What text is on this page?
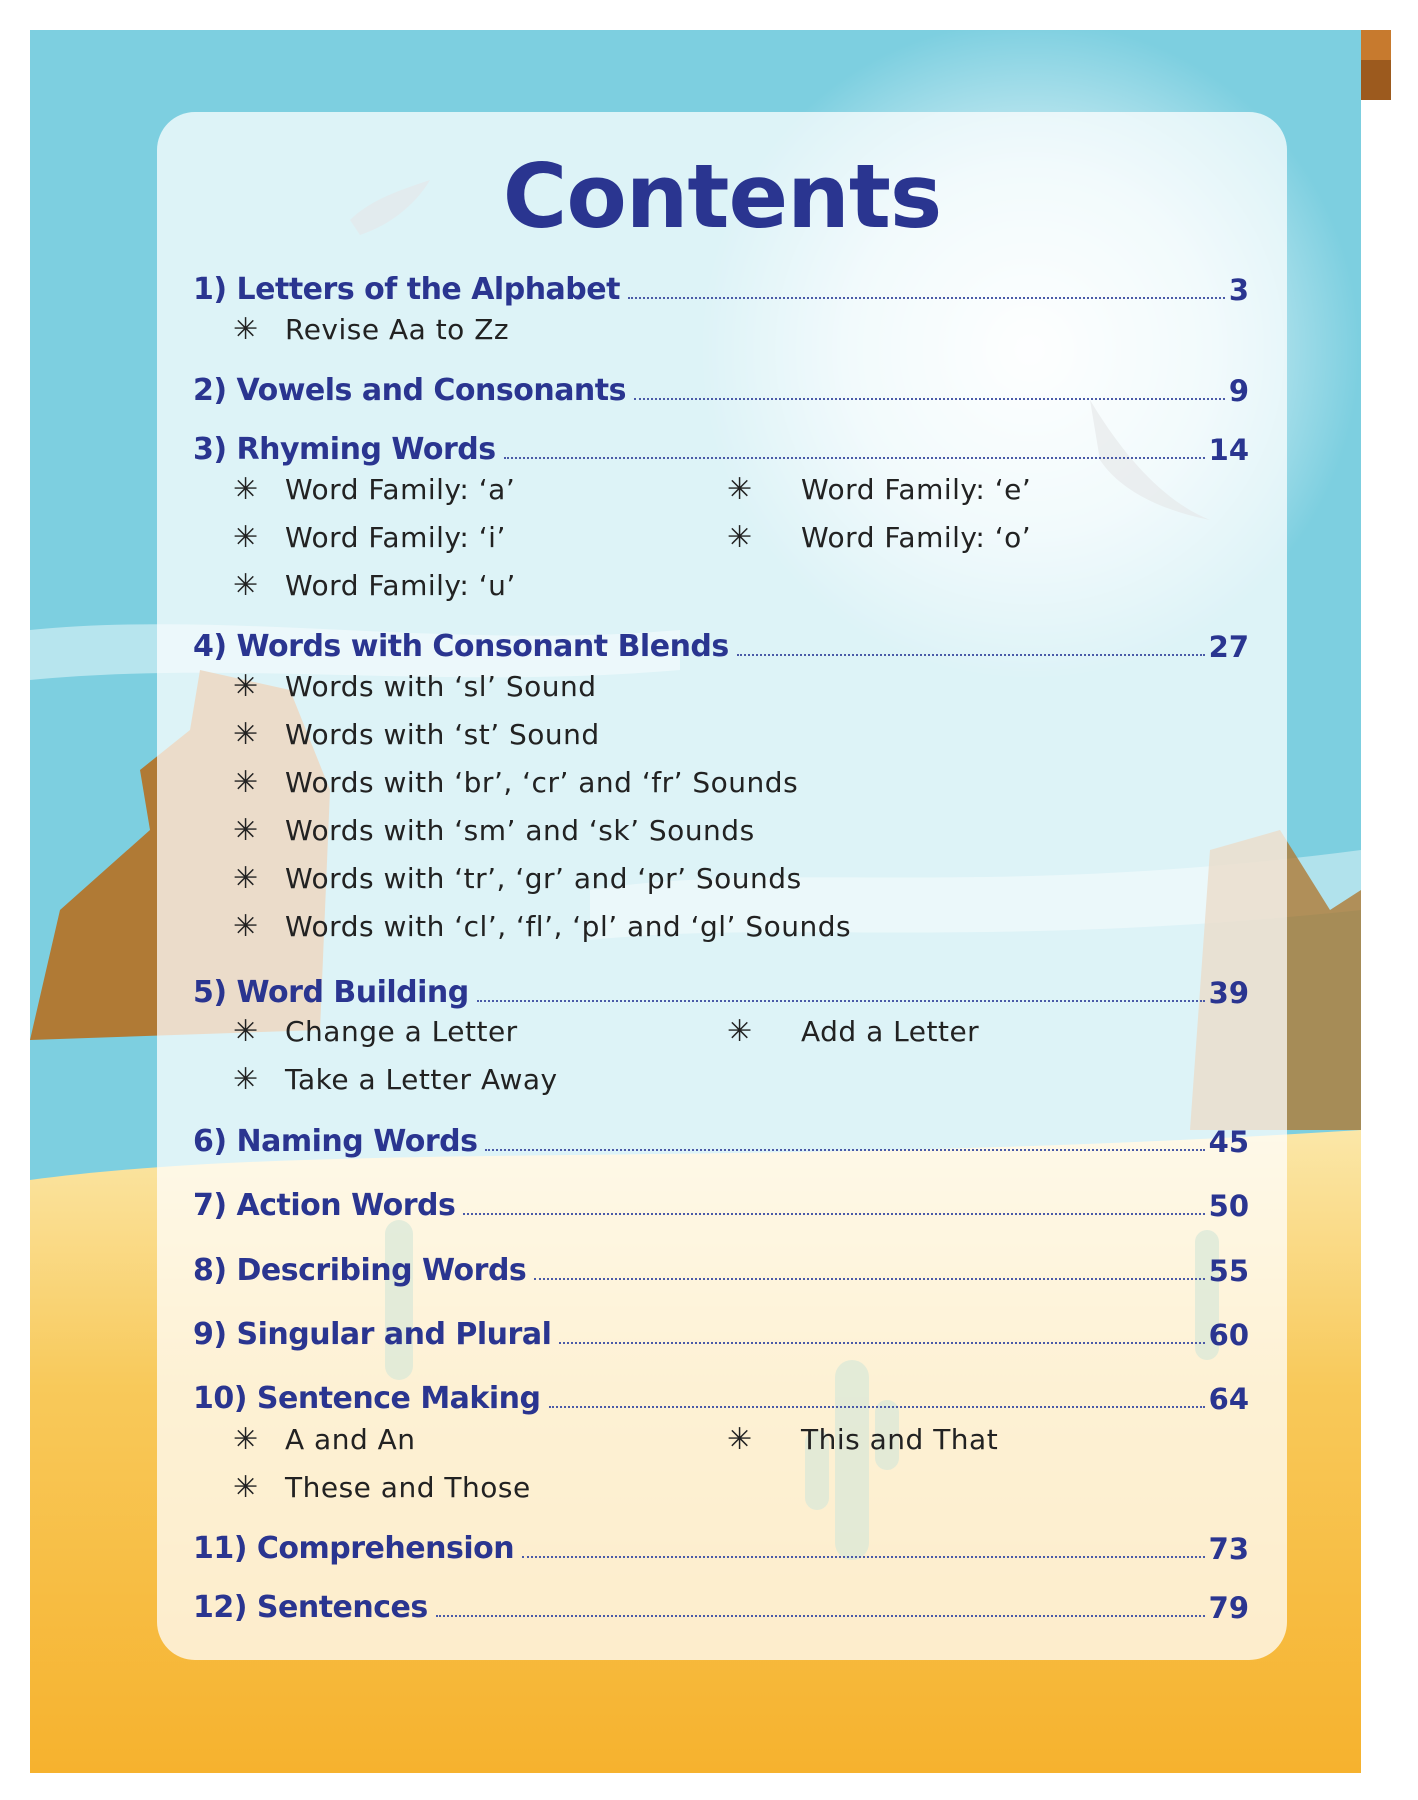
Contents
1) Letters of the Alphabet	3
✳ Revise Aa to Zz
2) Vowels and Consonants	9
3) Rhyming Words	14
✳ Word Family: ‘a’	✳ Word Family: ‘e’
✳ Word Family: ‘i’	✳ Word Family: ‘o’
✳ Word Family: ‘u’
4) Words with Consonant Blends	27
✳ Words with ‘sl’ Sound
✳ Words with ‘st’ Sound
✳ Words with ‘br’, ‘cr’ and ‘fr’ Sounds
✳ Words with ‘sm’ and ‘sk’ Sounds
✳ Words with ‘tr’, ‘gr’ and ‘pr’ Sounds
✳ Words with ‘cl’, ‘fl’, ‘pl’ and ‘gl’ Sounds
5) Word Building	39
✳ Change a Letter	✳ Add a Letter
✳ Take a Letter Away
6) Naming Words	45
7) Action Words	50
8) Describing Words	55
9) Singular and Plural	60
10) Sentence Making	64
✳ A and An	✳ This and That
✳ These and Those
11) Comprehension	73
12) Sentences	79
